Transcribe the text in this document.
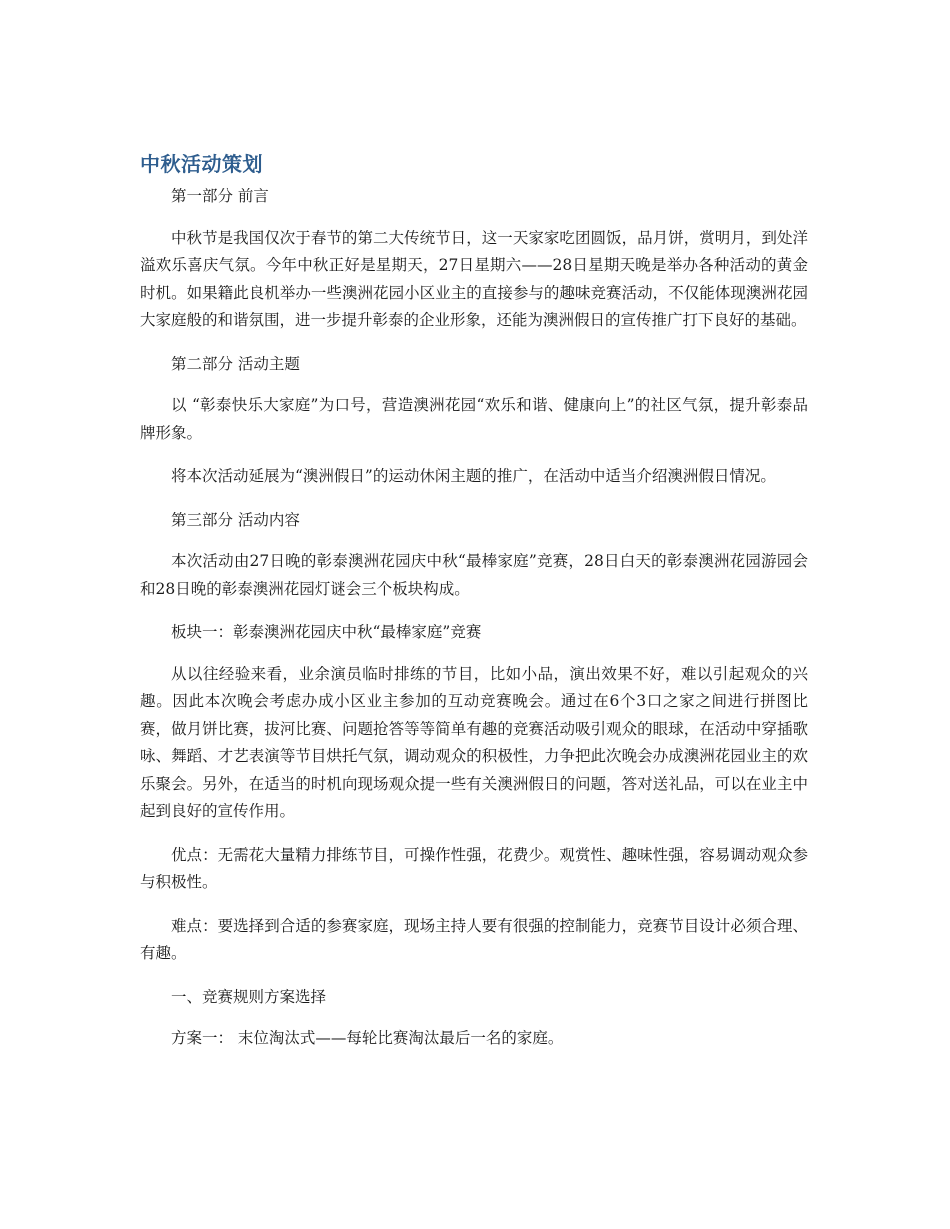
中秋活动策划

第一部分 前言

中秋节是我国仅次于春节的第二大传统节日，这一天家家吃团圆饭，品月饼，赏明月，到处洋溢欢乐喜庆气氛。今年中秋正好是星期天，27日星期六——28日星期天晚是举办各种活动的黄金时机。如果籍此良机举办一些澳洲花园小区业主的直接参与的趣味竞赛活动，不仅能体现澳洲花园大家庭般的和谐氛围，进一步提升彰泰的企业形象，还能为澳洲假日的宣传推广打下良好的基础。

第二部分 活动主题

以 “彰泰快乐大家庭”为口号，营造澳洲花园“欢乐和谐、健康向上”的社区气氛，提升彰泰品牌形象。

将本次活动延展为“澳洲假日”的运动休闲主题的推广，在活动中适当介绍澳洲假日情况。

第三部分 活动内容

本次活动由27日晚的彰泰澳洲花园庆中秋“最棒家庭”竞赛，28日白天的彰泰澳洲花园游园会和28日晚的彰泰澳洲花园灯谜会三个板块构成。

板块一：彰泰澳洲花园庆中秋“最棒家庭”竞赛

从以往经验来看，业余演员临时排练的节目，比如小品，演出效果不好，难以引起观众的兴趣。因此本次晚会考虑办成小区业主参加的互动竞赛晚会。通过在6个3口之家之间进行拼图比赛，做月饼比赛，拔河比赛、问题抢答等等简单有趣的竞赛活动吸引观众的眼球，在活动中穿插歌咏、舞蹈、才艺表演等节目烘托气氛，调动观众的积极性，力争把此次晚会办成澳洲花园业主的欢乐聚会。另外，在适当的时机向现场观众提一些有关澳洲假日的问题，答对送礼品，可以在业主中起到良好的宣传作用。

优点：无需花大量精力排练节目，可操作性强，花费少。观赏性、趣味性强，容易调动观众参与积极性。

难点：要选择到合适的参赛家庭，现场主持人要有很强的控制能力，竞赛节目设计必须合理、有趣。

一、竞赛规则方案选择

方案一： 末位淘汰式——每轮比赛淘汰最后一名的家庭。
